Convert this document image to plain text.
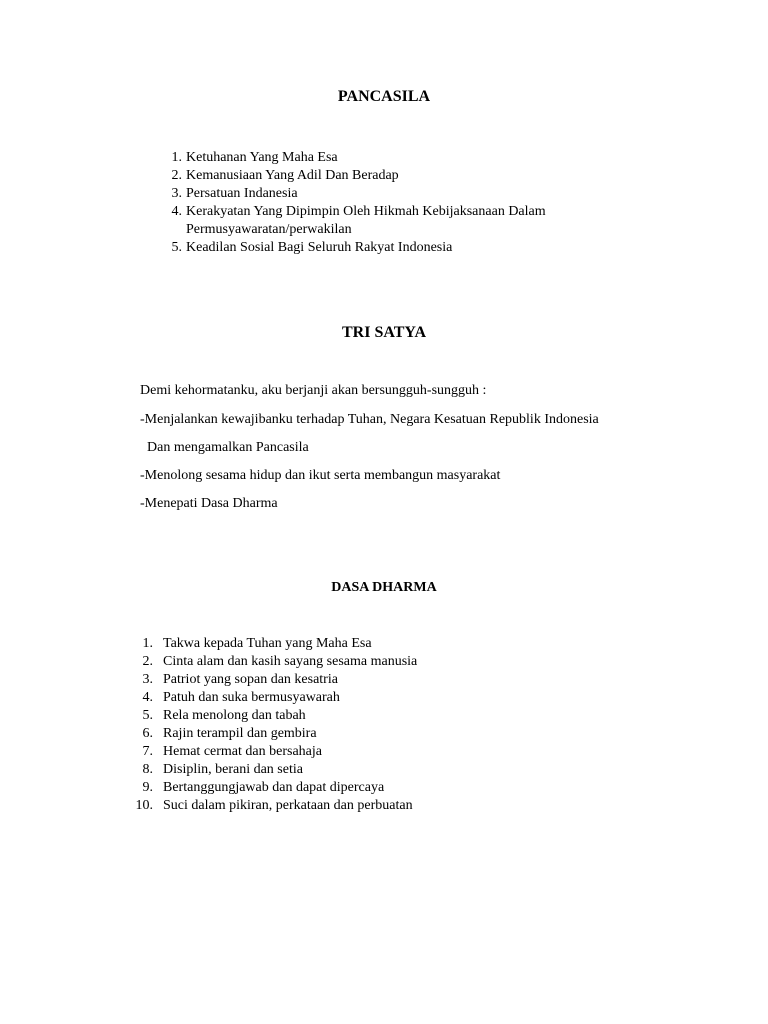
PANCASILA
1. Ketuhanan Yang Maha Esa
2. Kemanusiaan Yang Adil Dan Beradap
3. Persatuan Indanesia
4. Kerakyatan Yang Dipimpin Oleh Hikmah Kebijaksanaan Dalam Permusyawaratan/perwakilan
5. Keadilan Sosial Bagi Seluruh Rakyat Indonesia
TRI SATYA

Demi kehormatanku, aku berjanji akan bersungguh-sungguh :

-Menjalankan kewajibanku terhadap Tuhan, Negara Kesatuan Republik Indonesia

Dan mengamalkan Pancasila

-Menolong sesama hidup dan ikut serta membangun masyarakat

-Menepati Dasa Dharma

DASA DHARMA
1. Takwa kepada Tuhan yang Maha Esa
2. Cinta alam dan kasih sayang sesama manusia
3. Patriot yang sopan dan kesatria
4. Patuh dan suka bermusyawarah
5. Rela menolong dan tabah
6. Rajin terampil dan gembira
7. Hemat cermat dan bersahaja
8. Disiplin, berani dan setia
9. Bertanggungjawab dan dapat dipercaya
10. Suci dalam pikiran, perkataan dan perbuatan
